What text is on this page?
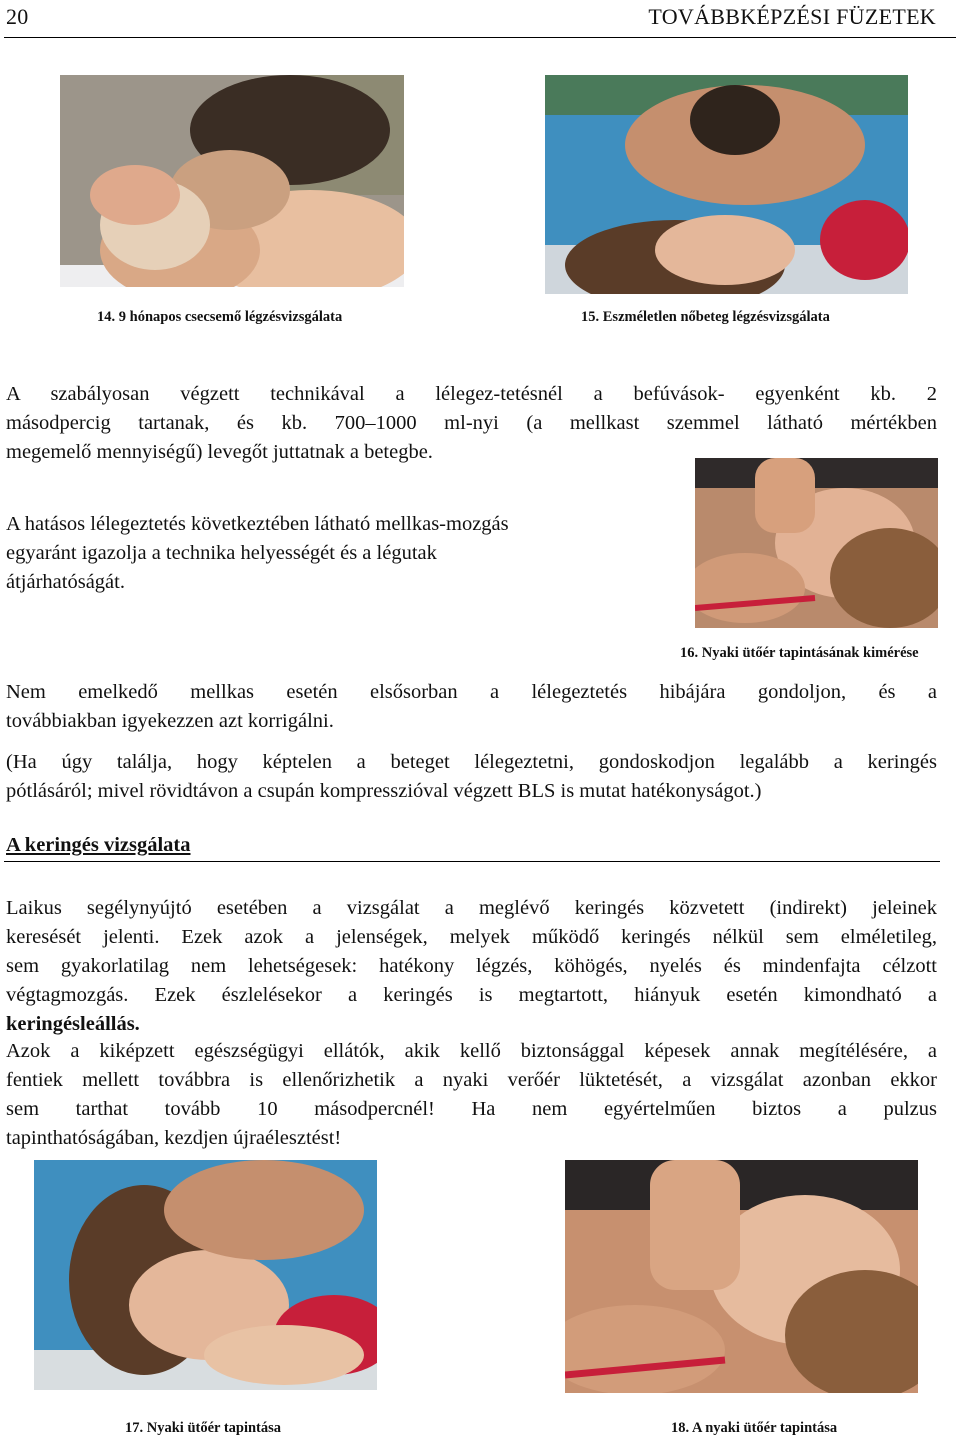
20	TOVÁBBKÉPZÉSI FÜZETEK
14. 9 hónapos csecsemő légzésvizsgálata	15. Eszméletlen nőbeteg légzésvizsgálata
A szabályosan végzett technikával a lélegez-tetésnél a befúvások- egyenként kb. 2
másodpercig tartanak, és kb. 700–1000 ml-nyi (a mellkast szemmel látható mértékben
megemelő mennyiségű) levegőt juttatnak a betegbe.
A hatásos lélegeztetés következtében látható mellkas-mozgás
egyaránt igazolja a technika helyességét és a légutak
átjárhatóságát.
16. Nyaki ütőér tapintásának kimérése
Nem emelkedő mellkas esetén elsősorban a lélegeztetés hibájára gondoljon, és a
továbbiakban igyekezzen azt korrigálni.
(Ha úgy találja, hogy képtelen a beteget lélegeztetni, gondoskodjon legalább a keringés
pótlásáról; mivel rövidtávon a csupán kompresszióval végzett BLS is mutat hatékonyságot.)
A keringés vizsgálata
Laikus segélynyújtó esetében a vizsgálat a meglévő keringés közvetett (indirekt) jeleinek
keresését jelenti. Ezek azok a jelenségek, melyek működő keringés nélkül sem elméletileg,
sem gyakorlatilag nem lehetségesek: hatékony légzés, köhögés, nyelés és mindenfajta célzott
végtagmozgás. Ezek észlelésekor a keringés is megtartott, hiányuk esetén kimondható a
keringésleállás.
Azok a kiképzett egészségügyi ellátók, akik kellő biztonsággal képesek annak megítélésére, a
fentiek mellett továbbra is ellenőrizhetik a nyaki verőér lüktetését, a vizsgálat azonban ekkor
sem tarthat tovább 10 másodpercnél! Ha nem egyértelműen biztos a pulzus
tapinthatóságában, kezdjen újraélesztést!
17. Nyaki ütőér tapintása	18. A nyaki ütőér tapintása
